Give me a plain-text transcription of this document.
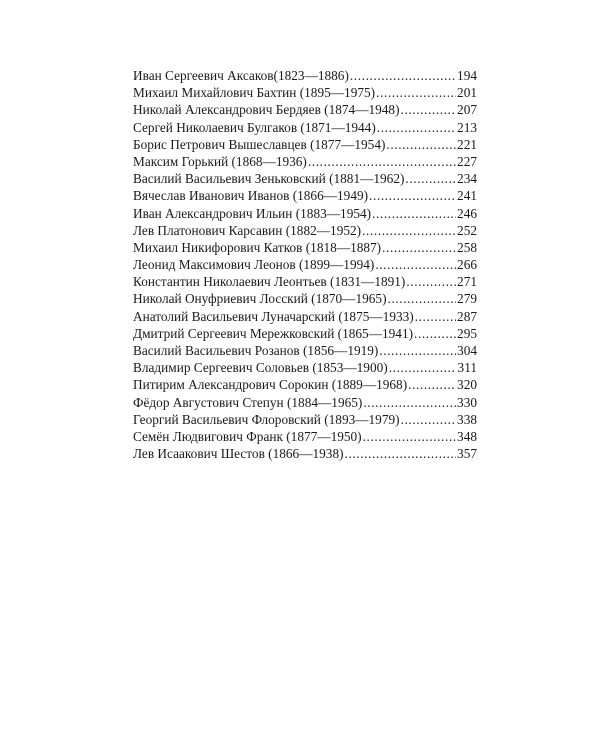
Иван Сергеевич Аксаков(1823—1886) .....	194
Михаил Михайлович Бахтин (1895—1975) .....	201
Николай Александрович Бердяев (1874—1948) .....	207
Сергей Николаевич Булгаков (1871—1944) .....	213
Борис Петрович Вышеславцев (1877—1954) .....	221
Максим Горький (1868—1936) .....	227
Василий Васильевич Зеньковский (1881—1962) .....	234
Вячеслав Иванович Иванов (1866—1949) .....	241
Иван Александрович Ильин (1883—1954) .....	246
Лев Платонович Карсавин (1882—1952) .....	252
Михаил Никифорович Катков (1818—1887) .....	258
Леонид Максимович Леонов (1899—1994) .....	266
Константин Николаевич Леонтьев (1831—1891) .....	271
Николай Онуфриевич Лосский (1870—1965) .....	279
Анатолий Васильевич Луначарский (1875—1933) .....	287
Дмитрий Сергеевич Мережковский (1865—1941) .....	295
Василий Васильевич Розанов (1856—1919) .....	304
Владимир Сергеевич Соловьев (1853—1900) .....	311
Питирим Александрович Сорокин (1889—1968) .....	320
Фёдор Августович Степун (1884—1965) .....	330
Георгий Васильевич Флоровский (1893—1979) .....	338
Семён Людвигович Франк (1877—1950) .....	348
Лев Исаакович Шестов (1866—1938) .....	357
